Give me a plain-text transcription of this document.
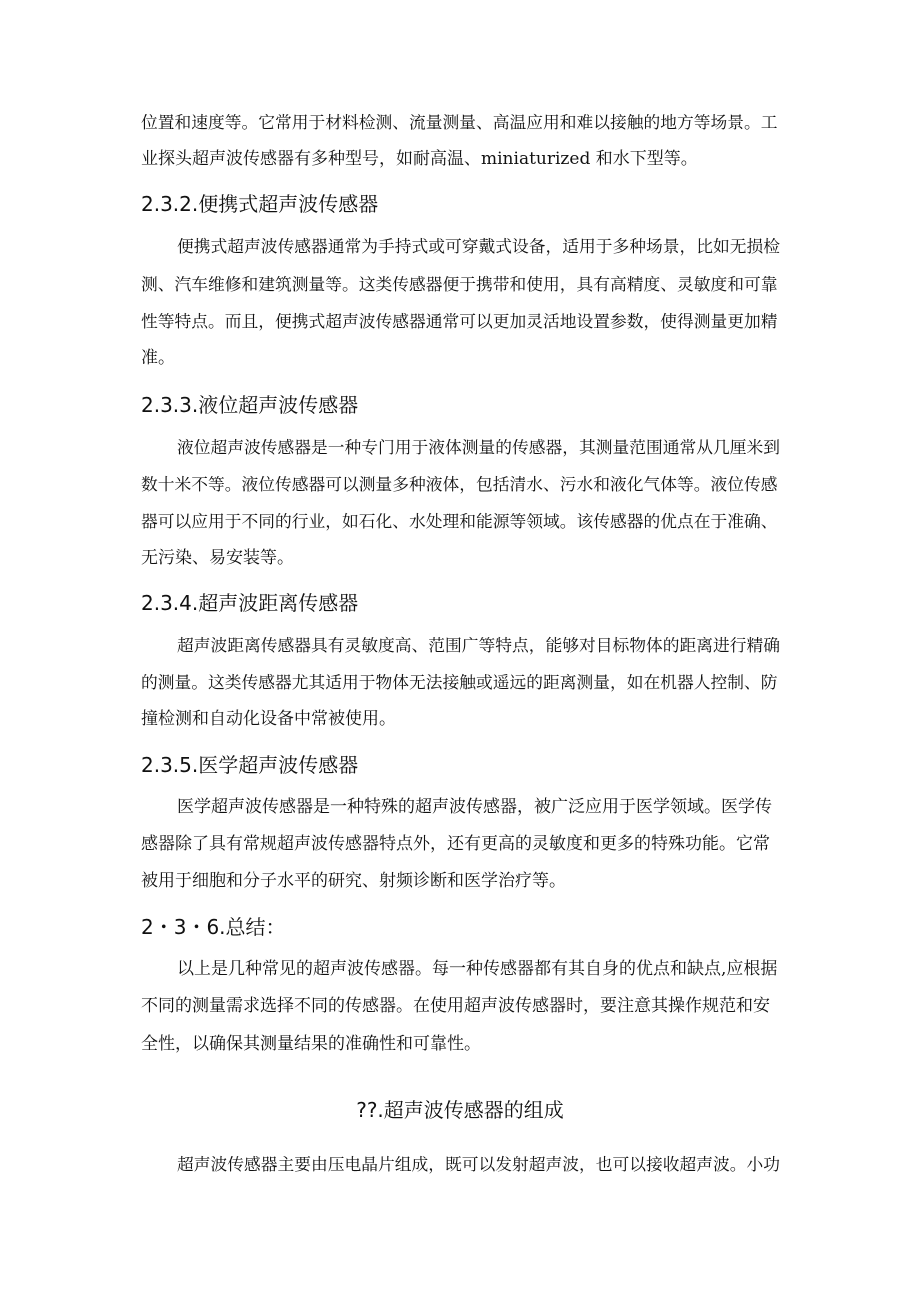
位置和速度等。它常用于材料检测、流量测量、高温应用和难以接触的地方等场景。工
业探头超声波传感器有多种型号，如耐高温、miniaturized 和水下型等。
2.3.2.便携式超声波传感器
便携式超声波传感器通常为手持式或可穿戴式设备，适用于多种场景，比如无损检
测、汽车维修和建筑测量等。这类传感器便于携带和使用，具有高精度、灵敏度和可靠
性等特点。而且，便携式超声波传感器通常可以更加灵活地设置参数，使得测量更加精
准。
2.3.3.液位超声波传感器
液位超声波传感器是一种专门用于液体测量的传感器，其测量范围通常从几厘米到
数十米不等。液位传感器可以测量多种液体，包括清水、污水和液化气体等。液位传感
器可以应用于不同的行业，如石化、水处理和能源等领域。该传感器的优点在于准确、
无污染、易安装等。
2.3.4.超声波距离传感器
超声波距离传感器具有灵敏度高、范围广等特点，能够对目标物体的距离进行精确
的测量。这类传感器尤其适用于物体无法接触或遥远的距离测量，如在机器人控制、防
撞检测和自动化设备中常被使用。
2.3.5.医学超声波传感器
医学超声波传感器是一种特殊的超声波传感器，被广泛应用于医学领域。医学传
感器除了具有常规超声波传感器特点外，还有更高的灵敏度和更多的特殊功能。它常
被用于细胞和分子水平的研究、射频诊断和医学治疗等。
2・3・6.总结：
以上是几种常见的超声波传感器。每一种传感器都有其自身的优点和缺点,应根据
不同的测量需求选择不同的传感器。在使用超声波传感器时，要注意其操作规范和安
全性，以确保其测量结果的准确性和可靠性。
??.超声波传感器的组成
超声波传感器主要由压电晶片组成，既可以发射超声波，也可以接收超声波。小功
